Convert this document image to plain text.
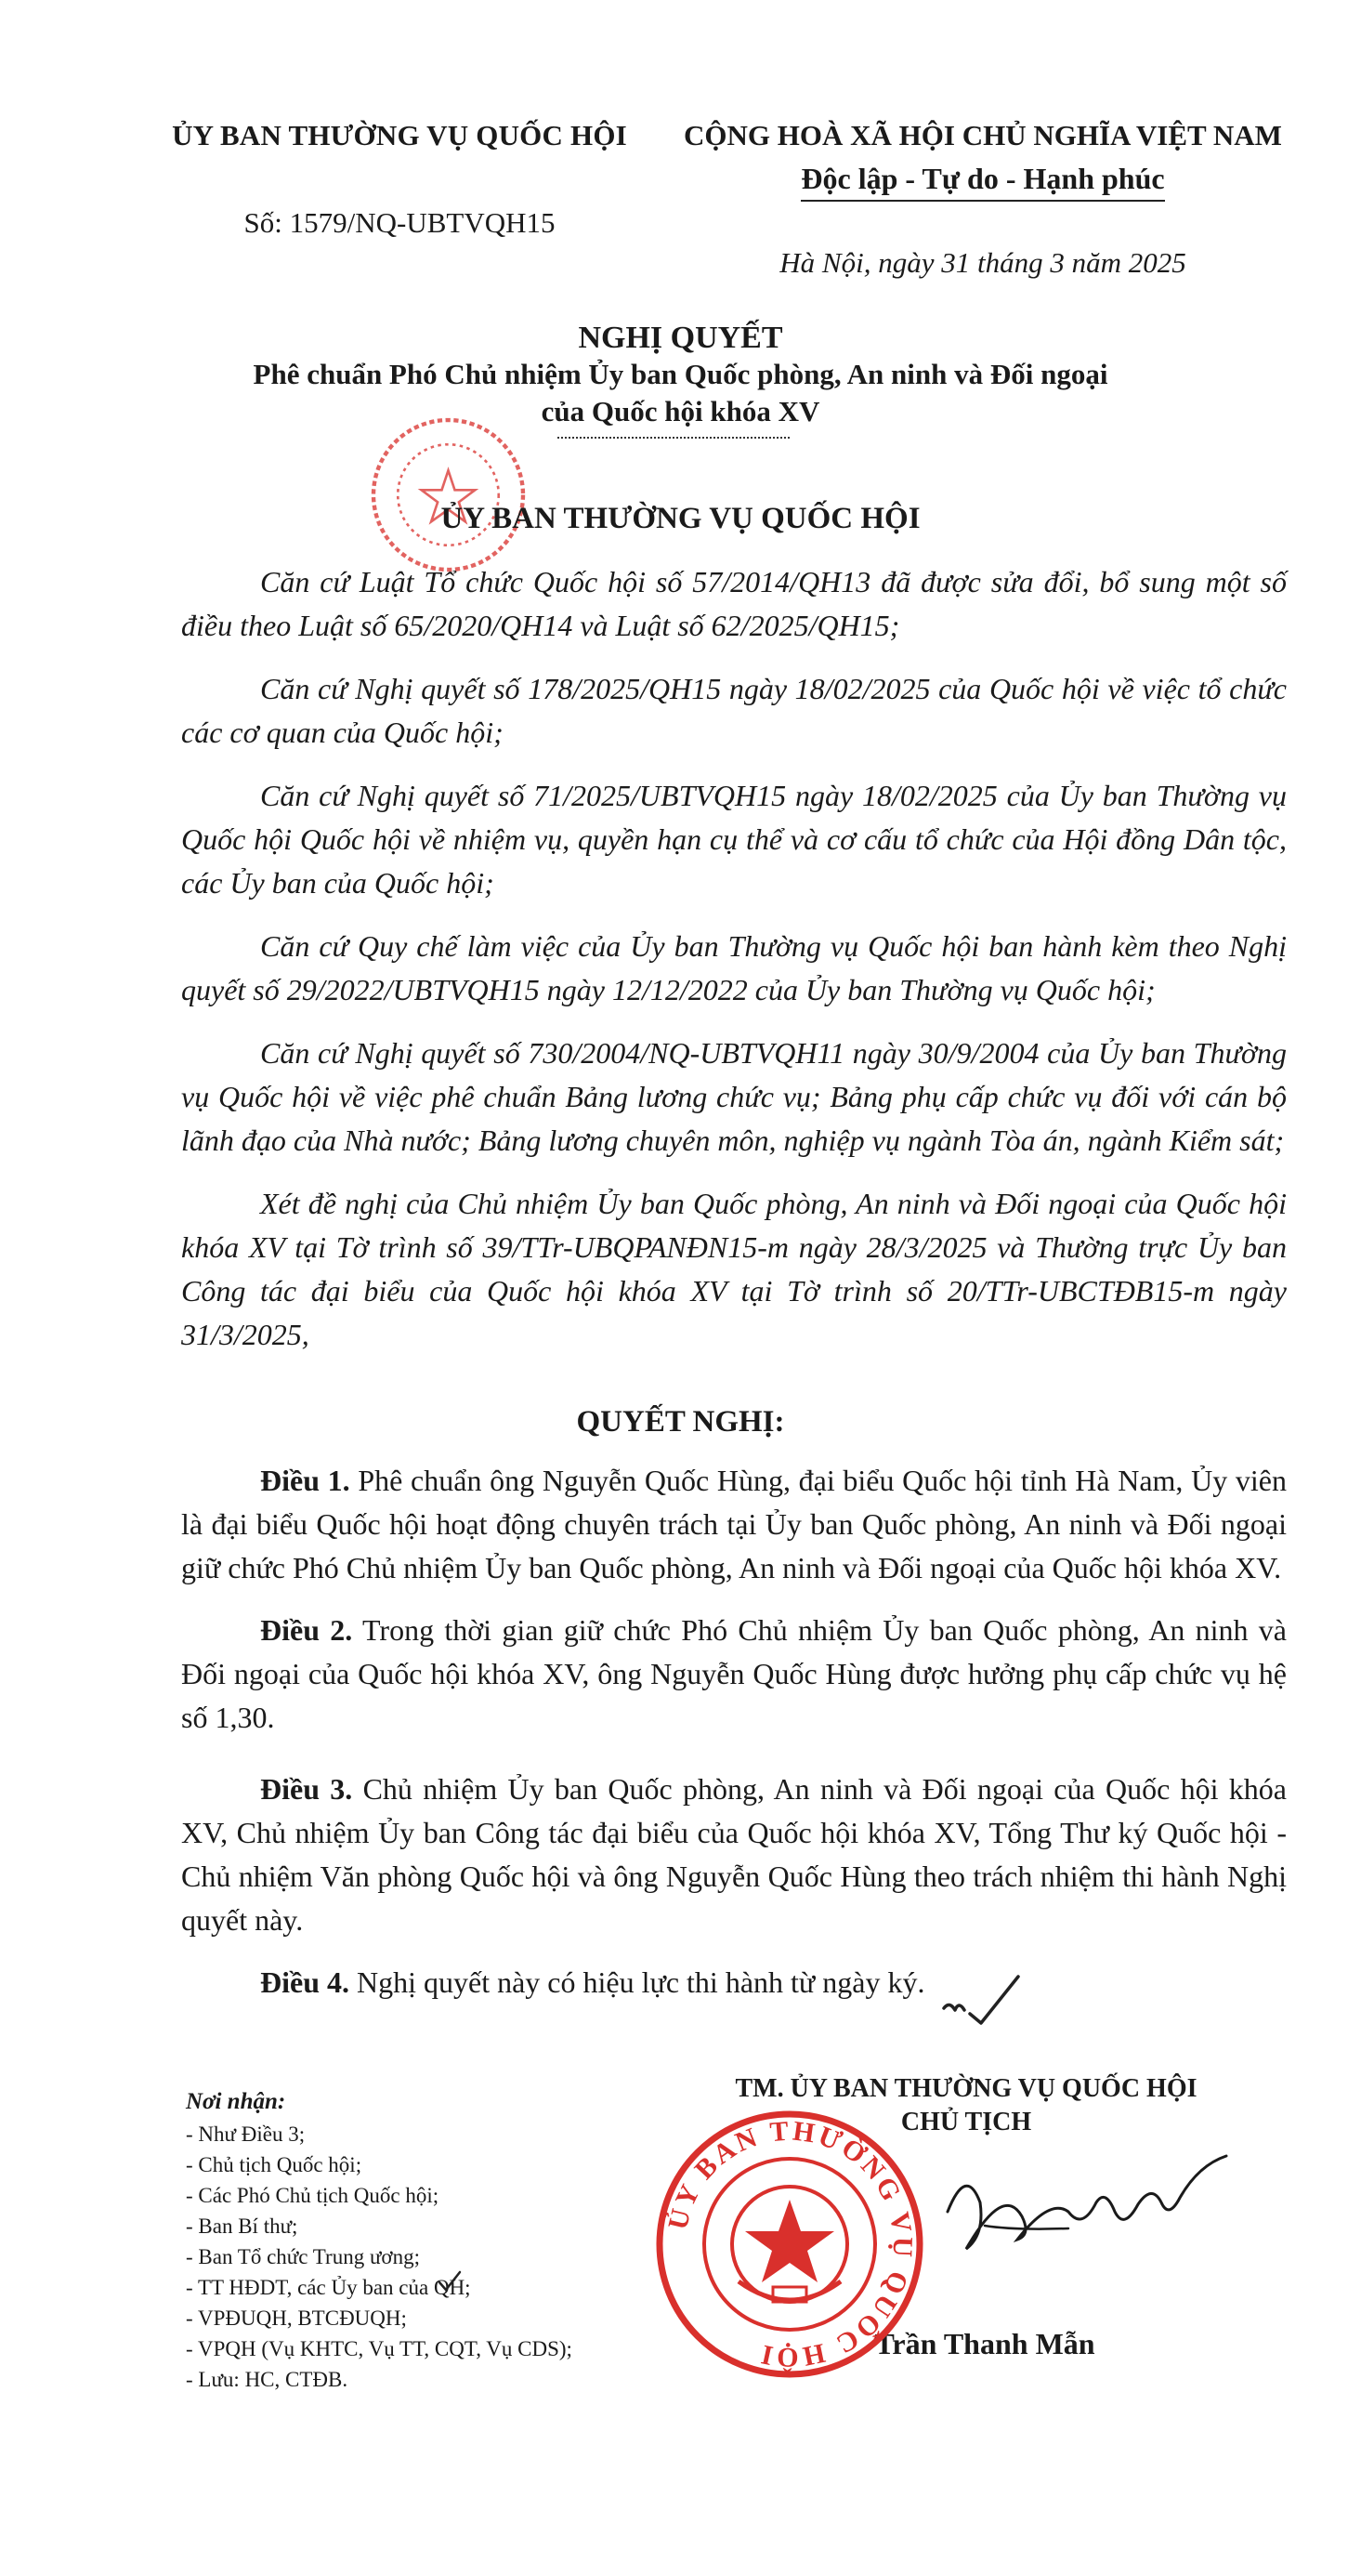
ỦY BAN THƯỜNG VỤ QUỐC HỘI
Số: 1579/NQ-UBTVQH15
CỘNG HOÀ XÃ HỘI CHỦ NGHĨA VIỆT NAM
Độc lập - Tự do - Hạnh phúc
Hà Nội, ngày 31 tháng 3 năm 2025
NGHỊ QUYẾT
Phê chuẩn Phó Chủ nhiệm Ủy ban Quốc phòng, An ninh và Đối ngoại
của Quốc hội khóa XV
ỦY BAN THƯỜNG VỤ QUỐC HỘI

Căn cứ Luật Tổ chức Quốc hội số 57/2014/QH13 đã được sửa đổi, bổ sung một số điều theo Luật số 65/2020/QH14 và Luật số 62/2025/QH15;

Căn cứ Nghị quyết số 178/2025/QH15 ngày 18/02/2025 của Quốc hội về việc tổ chức các cơ quan của Quốc hội;

Căn cứ Nghị quyết số 71/2025/UBTVQH15 ngày 18/02/2025 của Ủy ban Thường vụ Quốc hội Quốc hội về nhiệm vụ, quyền hạn cụ thể và cơ cấu tổ chức của Hội đồng Dân tộc, các Ủy ban của Quốc hội;

Căn cứ Quy chế làm việc của Ủy ban Thường vụ Quốc hội ban hành kèm theo Nghị quyết số 29/2022/UBTVQH15 ngày 12/12/2022 của Ủy ban Thường vụ Quốc hội;

Căn cứ Nghị quyết số 730/2004/NQ-UBTVQH11 ngày 30/9/2004 của Ủy ban Thường vụ Quốc hội về việc phê chuẩn Bảng lương chức vụ; Bảng phụ cấp chức vụ đối với cán bộ lãnh đạo của Nhà nước; Bảng lương chuyên môn, nghiệp vụ ngành Tòa án, ngành Kiểm sát;

Xét đề nghị của Chủ nhiệm Ủy ban Quốc phòng, An ninh và Đối ngoại của Quốc hội khóa XV tại Tờ trình số 39/TTr-UBQPANĐN15-m ngày 28/3/2025 và Thường trực Ủy ban Công tác đại biểu của Quốc hội khóa XV tại Tờ trình số 20/TTr-UBCTĐB15-m ngày 31/3/2025,

QUYẾT NGHỊ:

Điều 1. Phê chuẩn ông Nguyễn Quốc Hùng, đại biểu Quốc hội tỉnh Hà Nam, Ủy viên là đại biểu Quốc hội hoạt động chuyên trách tại Ủy ban Quốc phòng, An ninh và Đối ngoại giữ chức Phó Chủ nhiệm Ủy ban Quốc phòng, An ninh và Đối ngoại của Quốc hội khóa XV.

Điều 2. Trong thời gian giữ chức Phó Chủ nhiệm Ủy ban Quốc phòng, An ninh và Đối ngoại của Quốc hội khóa XV, ông Nguyễn Quốc Hùng được hưởng phụ cấp chức vụ hệ số 1,30.

Điều 3. Chủ nhiệm Ủy ban Quốc phòng, An ninh và Đối ngoại của Quốc hội khóa XV, Chủ nhiệm Ủy ban Công tác đại biểu của Quốc hội khóa XV, Tổng Thư ký Quốc hội - Chủ nhiệm Văn phòng Quốc hội và ông Nguyễn Quốc Hùng theo trách nhiệm thi hành Nghị quyết này.

Điều 4. Nghị quyết này có hiệu lực thi hành từ ngày ký.

Nơi nhận:
- Như Điều 3;
- Chủ tịch Quốc hội;
- Các Phó Chủ tịch Quốc hội;
- Ban Bí thư;
- Ban Tổ chức Trung ương;
- TT HĐDT, các Ủy ban của QH;
- VPĐUQH, BTCĐUQH;
- VPQH (Vụ KHTC, Vụ TT, CQT, Vụ CDS);
- Lưu: HC, CTĐB.
TM. ỦY BAN THƯỜNG VỤ QUỐC HỘI
CHỦ TỊCH
Trần Thanh Mẫn
ỦY BAN THƯỜNG VỤ QUỐC HỘI
